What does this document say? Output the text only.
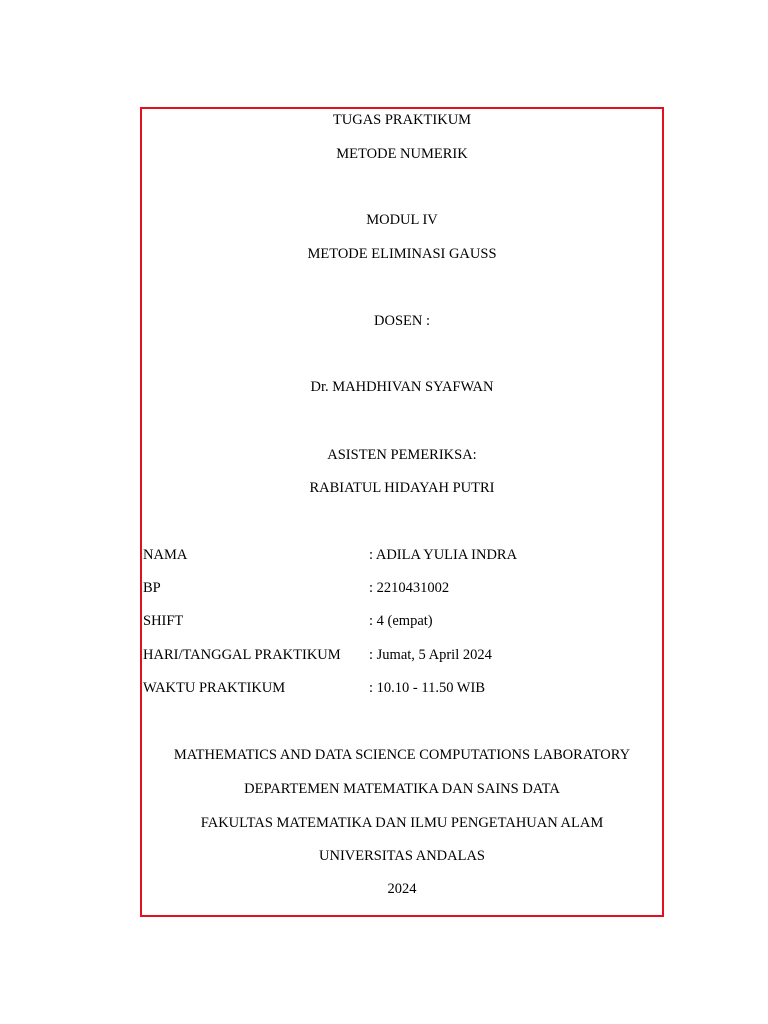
TUGAS PRAKTIKUM
METODE NUMERIK
MODUL IV
METODE ELIMINASI GAUSS
DOSEN :
Dr. MAHDHIVAN SYAFWAN
ASISTEN PEMERIKSA:
RABIATUL HIDAYAH PUTRI
NAMA	: ADILA YULIA INDRA
BP	: 2210431002
SHIFT	: 4 (empat)
HARI/TANGGAL PRAKTIKUM : Jumat, 5 April 2024
WAKTU PRAKTIKUM	: 10.10 - 11.50 WIB
MATHEMATICS AND DATA SCIENCE COMPUTATIONS LABORATORY
DEPARTEMEN MATEMATIKA DAN SAINS DATA
FAKULTAS MATEMATIKA DAN ILMU PENGETAHUAN ALAM
UNIVERSITAS ANDALAS
2024
